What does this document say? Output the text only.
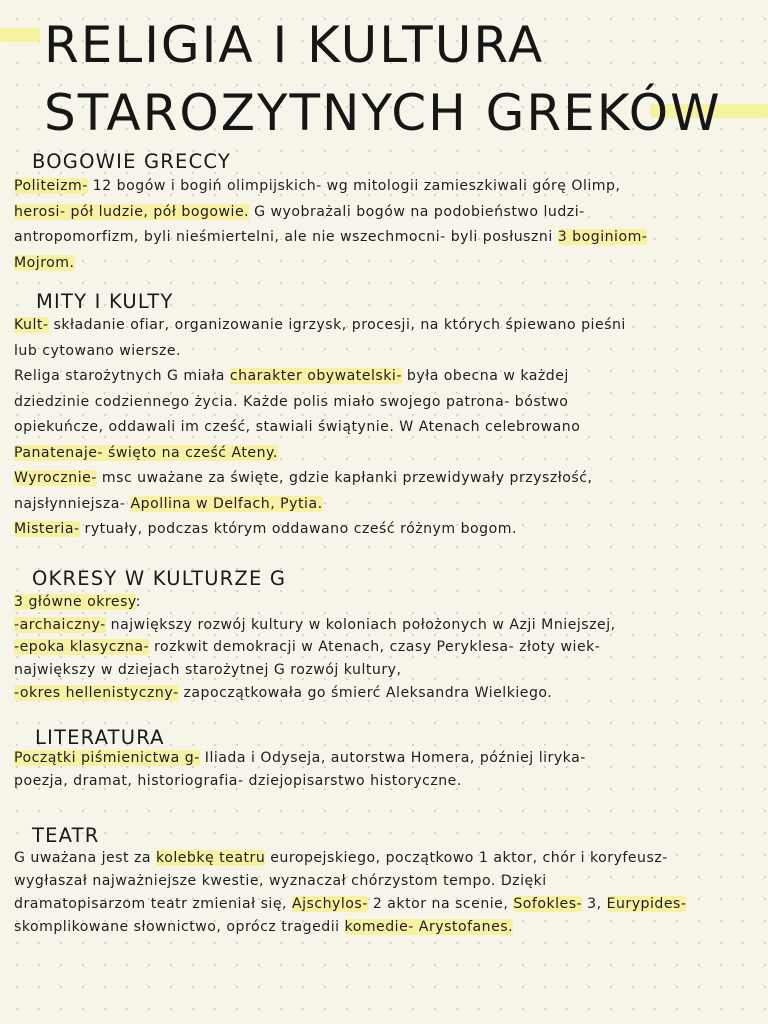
RELIGIA I KULTURA
STAROZYTNYCH GREKÓW
BOGOWIE GRECCY

Politeizm- 12 bogów i bogiń olimpijskich- wg mitologii zamieszkiwali górę Olimp,

herosi- pół ludzie, pół bogowie. G wyobrażali bogów na podobieństwo ludzi-

antropomorfizm, byli nieśmiertelni, ale nie wszechmocni- byli posłuszni 3 boginiom-

Mojrom.

MITY I KULTY

Kult- składanie ofiar, organizowanie igrzysk, procesji, na których śpiewano pieśni

lub cytowano wiersze.

Religa starożytnych G miała charakter obywatelski- była obecna w każdej

dziedzinie codziennego życia. Każde polis miało swojego patrona- bóstwo

opiekuńcze, oddawali im cześć, stawiali świątynie. W Atenach celebrowano

Panatenaje- święto na cześć Ateny.

Wyrocznie- msc uważane za święte, gdzie kapłanki przewidywały przyszłość,

najsłynniejsza- Apollina w Delfach, Pytia.

Misteria- rytuały, podczas którym oddawano cześć różnym bogom.

OKRESY W KULTURZE G

3 główne okresy:

-archaiczny- największy rozwój kultury w koloniach położonych w Azji Mniejszej,

-epoka klasyczna- rozkwit demokracji w Atenach, czasy Peryklesa- złoty wiek-

największy w dziejach starożytnej G rozwój kultury,

-okres hellenistyczny- zapoczątkowała go śmierć Aleksandra Wielkiego.

LITERATURA

Początki piśmienictwa g- Iliada i Odyseja, autorstwa Homera, później liryka-

poezja, dramat, historiografia- dziejopisarstwo historyczne.

TEATR

G uważana jest za kolebkę teatru europejskiego, początkowo 1 aktor, chór i koryfeusz-

wygłaszał najważniejsze kwestie, wyznaczał chórzystom tempo. Dzięki

dramatopisarzom teatr zmieniał się, Ajschylos- 2 aktor na scenie, Sofokles- 3, Eurypides-

skomplikowane słownictwo, oprócz tragedii komedie- Arystofanes.
